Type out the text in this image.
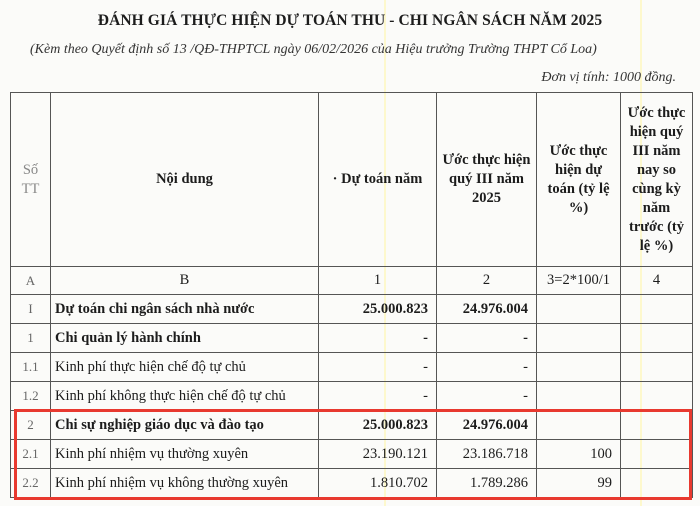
ĐÁNH GIÁ THỰC HIỆN DỰ TOÁN THU - CHI NGÂN SÁCH NĂM 2025
(Kèm theo Quyết định số 13 /QĐ-THPTCL ngày 06/02/2026 của Hiệu trưởng Trường THPT Cổ Loa)
Đơn vị tính: 1000 đồng.
Số TT	Nội dung	· Dự toán năm	Ước thực hiện quý III năm 2025	Ước thực hiện dự toán (tỷ lệ %)	Ước thực hiện quý III năm nay so cùng kỳ năm trước (tỷ lệ %)
A	B	1	2	3=2*100/1	4
I	Dự toán chi ngân sách nhà nước	25.000.823	24.976.004		
1	Chi quản lý hành chính	-	-		
1.1	Kinh phí thực hiện chế độ tự chủ	-	-		
1.2	Kinh phí không thực hiện chế độ tự chủ	-	-		
2	Chi sự nghiệp giáo dục và đào tạo	25.000.823	24.976.004		
2.1	Kinh phí nhiệm vụ thường xuyên	23.190.121	23.186.718	100	
2.2	Kinh phí nhiệm vụ không thường xuyên	1.810.702	1.789.286	99	
